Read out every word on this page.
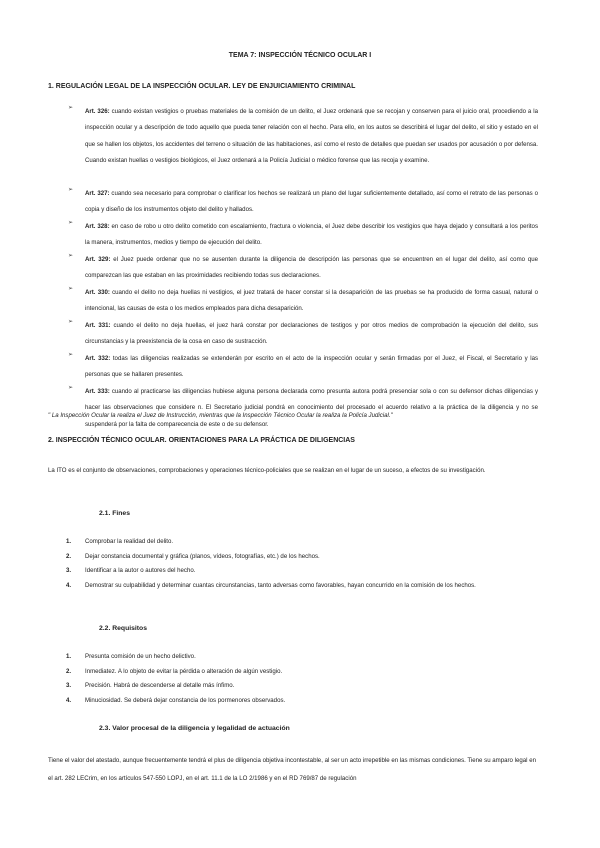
TEMA 7: INSPECCIÓN TÉCNICO OCULAR I
1. REGULACIÓN LEGAL DE LA INSPECCIÓN OCULAR. LEY DE ENJUICIAMIENTO CRIMINAL
➢ Art. 326: cuando existan vestigios o pruebas materiales de la comisión de un delito, el Juez ordenará que se recojan y conserven para el juicio oral, procediendo a la inspección ocular y a descripción de todo aquello que pueda tener relación con el hecho. Para ello, en los autos se describirá el lugar del delito, el sitio y estado en el que se hallen los objetos, los accidentes del terreno o situación de las habitaciones, así como el resto de detalles que puedan ser usados por acusación o por defensa. Cuando existan huellas o vestigios biológicos, el Juez ordenará a la Policía Judicial o médico forense que las recoja y examine.

➢ Art. 327: cuando sea necesario para comprobar o clarificar los hechos se realizará un plano del lugar suficientemente detallado, así como el retrato de las personas o copia y diseño de los instrumentos objeto del delito y hallados.

➢ Art. 328: en caso de robo u otro delito cometido con escalamiento, fractura o violencia, el Juez debe describir los vestigios que haya dejado y consultará a los peritos la manera, instrumentos, medios y tiempo de ejecución del delito.

➢ Art. 329: el Juez puede ordenar que no se ausenten durante la diligencia de descripción las personas que se encuentren en el lugar del delito, así como que comparezcan las que estaban en las proximidades recibiendo todas sus declaraciones.

➢ Art. 330: cuando el delito no deja huellas ni vestigios, el juez tratará de hacer constar si la desaparición de las pruebas se ha producido de forma casual, natural o intencional, las causas de esta o los medios empleados para dicha desaparición.

➢ Art. 331: cuando el delito no deja huellas, el juez hará constar por declaraciones de testigos y por otros medios de comprobación la ejecución del delito, sus circunstancias y la preexistencia de la cosa en caso de sustracción.

➢ Art. 332: todas las diligencias realizadas se extenderán por escrito en el acto de la inspección ocular y serán firmadas por el Juez, el Fiscal, el Secretario y las personas que se hallaren presentes.

➢ Art. 333: cuando al practicarse las diligencias hubiese alguna persona declarada como presunta autora podrá presenciar sola o con su defensor dichas diligencias y hacer las observaciones que considere n. El Secretario judicial pondrá en conocimiento del procesado el acuerdo relativo a la práctica de la diligencia y no se suspenderá por la falta de comparecencia de este o de su defensor.

" La Inspección Ocular la realiza el Juez de Instrucción, mientras que la Inspección Técnico Ocular la realiza la Policía Judicial."
2. INSPECCIÓN TÉCNICO OCULAR. ORIENTACIONES PARA LA PRÁCTICA DE DILIGENCIAS

La ITO es el conjunto de observaciones, comprobaciones y operaciones técnico-policiales que se realizan en el lugar de un suceso, a efectos de su investigación.

2.1. Fines
1. Comprobar la realidad del delito.
2. Dejar constancia documental y gráfica (planos, vídeos, fotografías, etc.) de los hechos.
3. Identificar a la autor o autores del hecho.
4. Demostrar su culpabilidad y determinar cuantas circunstancias, tanto adversas como favorables, hayan concurrido en la comisión de los hechos.
2.2. Requisitos
1. Presunta comisión de un hecho delictivo.
2. Inmediatez. A lo objeto de evitar la pérdida o alteración de algún vestigio.
3. Precisión. Habrá de descenderse al detalle más ínfimo.
4. Minuciosidad. Se deberá dejar constancia de los pormenores observados.
2.3. Valor procesal de la diligencia y legalidad de actuación

Tiene el valor del atestado, aunque frecuentemente tendrá el plus de diligencia objetiva incontestable, al ser un acto irrepetible en las mismas condiciones. Tiene su amparo legal en el art. 282 LECrim, en los artículos 547-550 LOPJ, en el art. 11.1 de la LO 2/1986 y en el RD 769/87 de regulación
